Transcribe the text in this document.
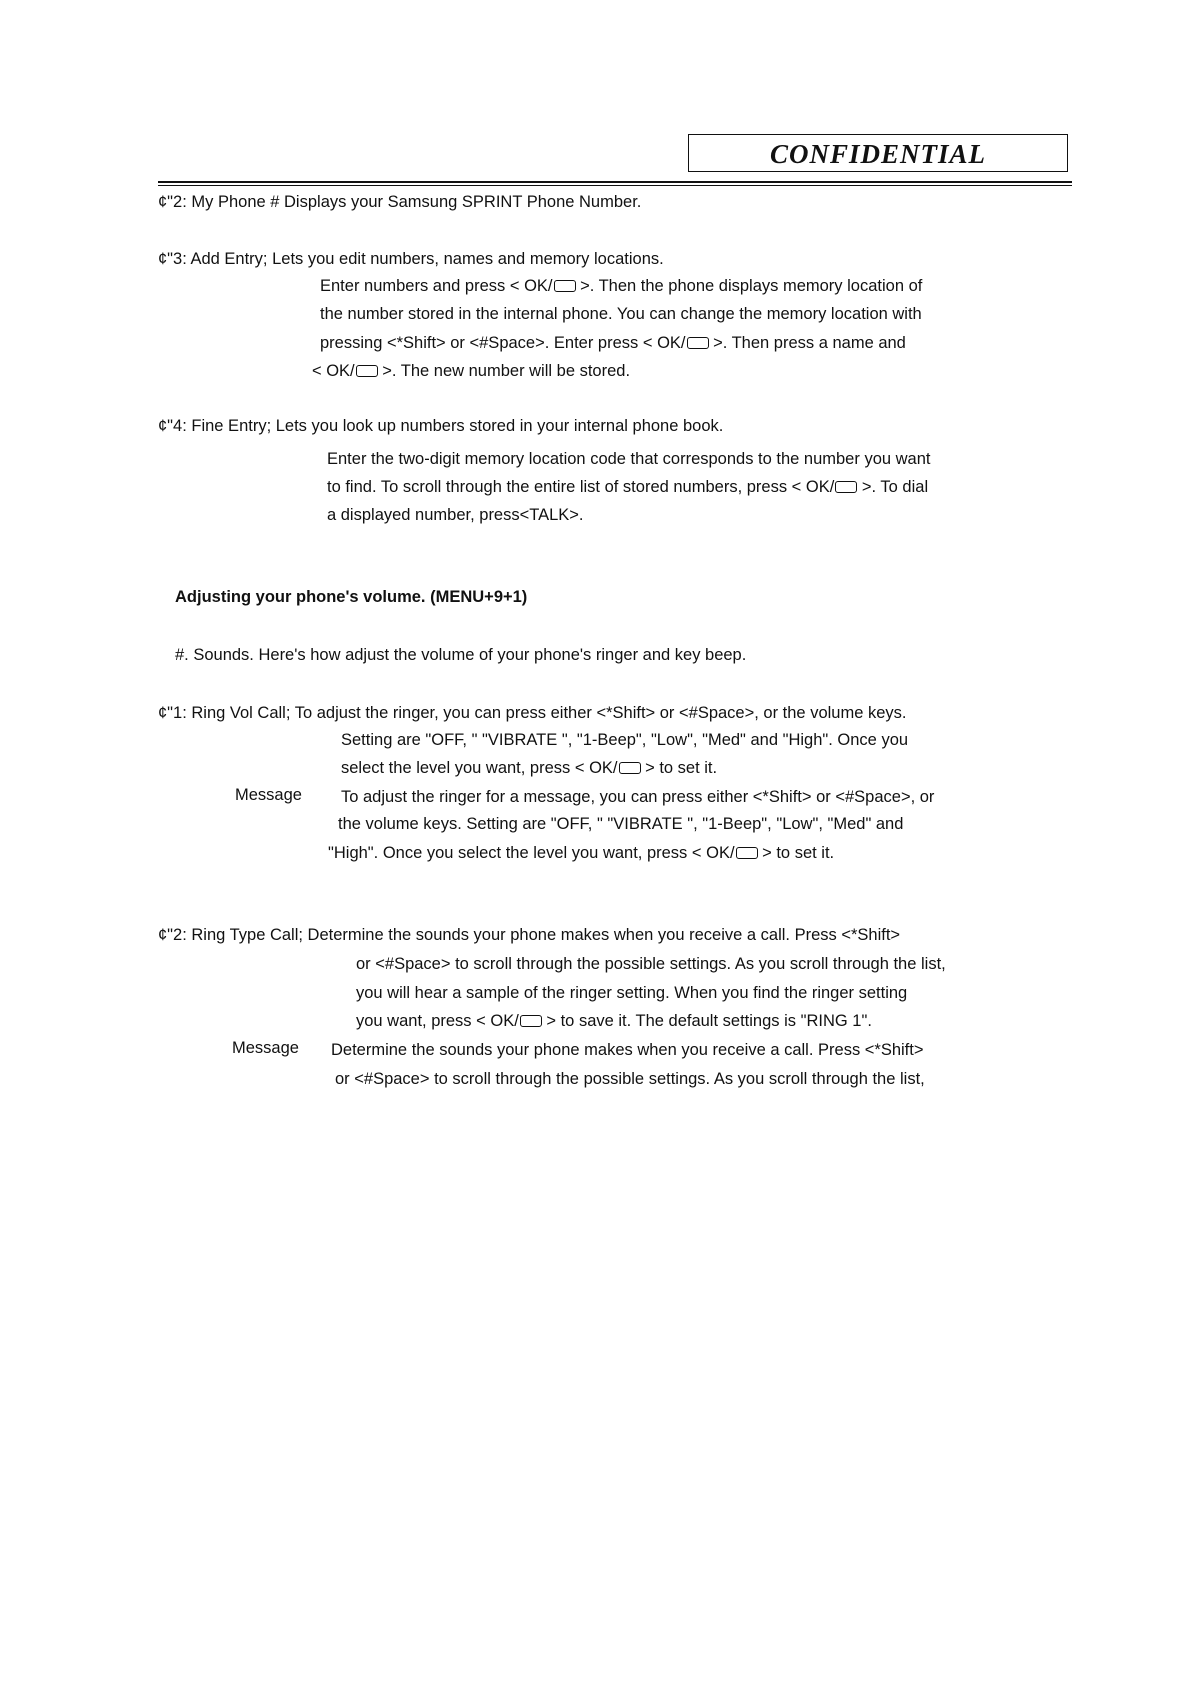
CONFIDENTIAL
¢"2: My Phone # Displays your Samsung SPRINT Phone Number.
¢"3: Add Entry; Lets you edit numbers, names and memory locations.
Enter numbers and press < OK/ >. Then the phone displays memory location of
the number stored in the internal phone. You can change the memory location with
pressing <*Shift> or <#Space>. Enter press < OK/ >. Then press a name and
< OK/ >. The new number will be stored.
¢"4: Fine Entry; Lets you look up numbers stored in your internal phone book.
Enter the two-digit memory location code that corresponds to the number you want
to find. To scroll through the entire list of stored numbers, press < OK/ >. To dial
a displayed number, press<TALK>.
Adjusting your phone's volume. (MENU+9+1)
#. Sounds. Here's how adjust the volume of your phone's ringer and key beep.
¢"1: Ring Vol Call; To adjust the ringer, you can press either <*Shift> or <#Space>, or the volume keys.
Setting are "OFF, " "VIBRATE ", "1-Beep", "Low", "Med" and "High". Once you
select the level you want, press < OK/ > to set it.
Message To adjust the ringer for a message, you can press either <*Shift> or <#Space>, or
the volume keys. Setting are "OFF, " "VIBRATE ", "1-Beep", "Low", "Med" and
"High". Once you select the level you want, press < OK/ > to set it.
¢"2: Ring Type Call; Determine the sounds your phone makes when you receive a call. Press <*Shift>
or <#Space> to scroll through the possible settings. As you scroll through the list,
you will hear a sample of the ringer setting. When you find the ringer setting
you want, press < OK/ > to save it. The default settings is "RING 1".
Message Determine the sounds your phone makes when you receive a call. Press <*Shift>
or <#Space> to scroll through the possible settings. As you scroll through the list,
